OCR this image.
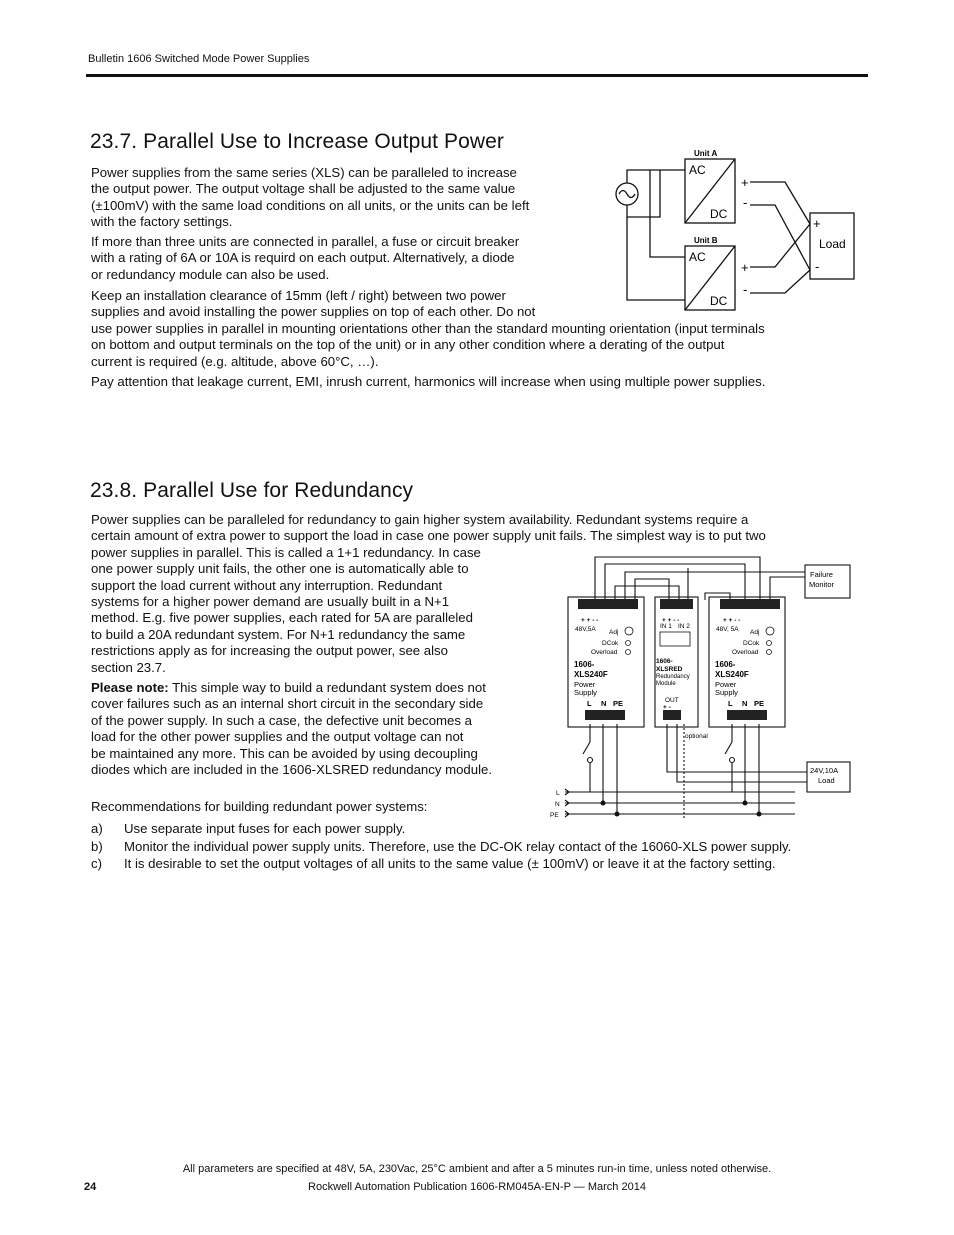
Bulletin 1606 Switched Mode Power Supplies
23.7. Parallel Use to Increase Output Power
Power supplies from the same series (XLS) can be paralleled to increase
the output power. The output voltage shall be adjusted to the same value
(±100mV) with the same load conditions on all units, or the units can be left
with the factory settings.
If more than three units are connected in parallel, a fuse or circuit breaker
with a rating of 6A or 10A is requird on each output. Alternatively, a diode
or redundancy module can also be used.
Keep an installation clearance of 15mm (left / right) between two power
supplies and avoid installing the power supplies on top of each other. Do not
use power supplies in parallel in mounting orientations other than the standard mounting orientation (input terminals
on bottom and output terminals on the top of the unit) or in any other condition where a derating of the output
current is required (e.g. altitude, above 60°C, …).
Pay attention that leakage current, EMI, inrush current, harmonics will increase when using multiple power supplies.
Unit A
Unit B
AC
DC
AC
DC
+
-
+
-
+
Load
-
23.8. Parallel Use for Redundancy
Power supplies can be paralleled for redundancy to gain higher system availability. Redundant systems require a
certain amount of extra power to support the load in case one power supply unit fails. The simplest way is to put two
power supplies in parallel. This is called a 1+1 redundancy. In case
one power supply unit fails, the other one is automatically able to
support the load current without any interruption. Redundant
systems for a higher power demand are usually built in a N+1
method. E.g. five power supplies, each rated for 5A are paralleled
to build a 20A redundant system. For N+1 redundancy the same
restrictions apply as for increasing the output power, see also
section 23.7.
Please note: This simple way to build a redundant system does not
cover failures such as an internal short circuit in the secondary side
of the power supply. In such a case, the defective unit becomes a
load for the other power supplies and the output voltage can not
be maintained any more. This can be avoided by using decoupling
diodes which are included in the 1606-XLSRED redundancy module.
Recommendations for building redundant power systems:
a) Use separate input fuses for each power supply.
b) Monitor the individual power supply units. Therefore, use the DC-OK relay contact of the 16060-XLS power supply.
c) It is desirable to set the output voltages of all units to the same value (± 100mV) or leave it at the factory setting.
Failure
Monitor
24V,10A
Load
+ + - -	+ + - -
+ + - -
48V,5A	48V, 5A
Adj	Adj
DCok	DCok
Overload	Overload
1606-
XLS240F
Power
Supply
1606-
XLS240F
Power
Supply
L N PE	L N PE
IN 1 IN 2
1606-
XLSRED
Redundancy
Module
OUT
+ -
optional
L
N
PE
All parameters are specified at 48V, 5A, 230Vac, 25°C ambient and after a 5 minutes run-in time, unless noted otherwise.
24	Rockwell Automation Publication 1606-RM045A-EN-P — March 2014
